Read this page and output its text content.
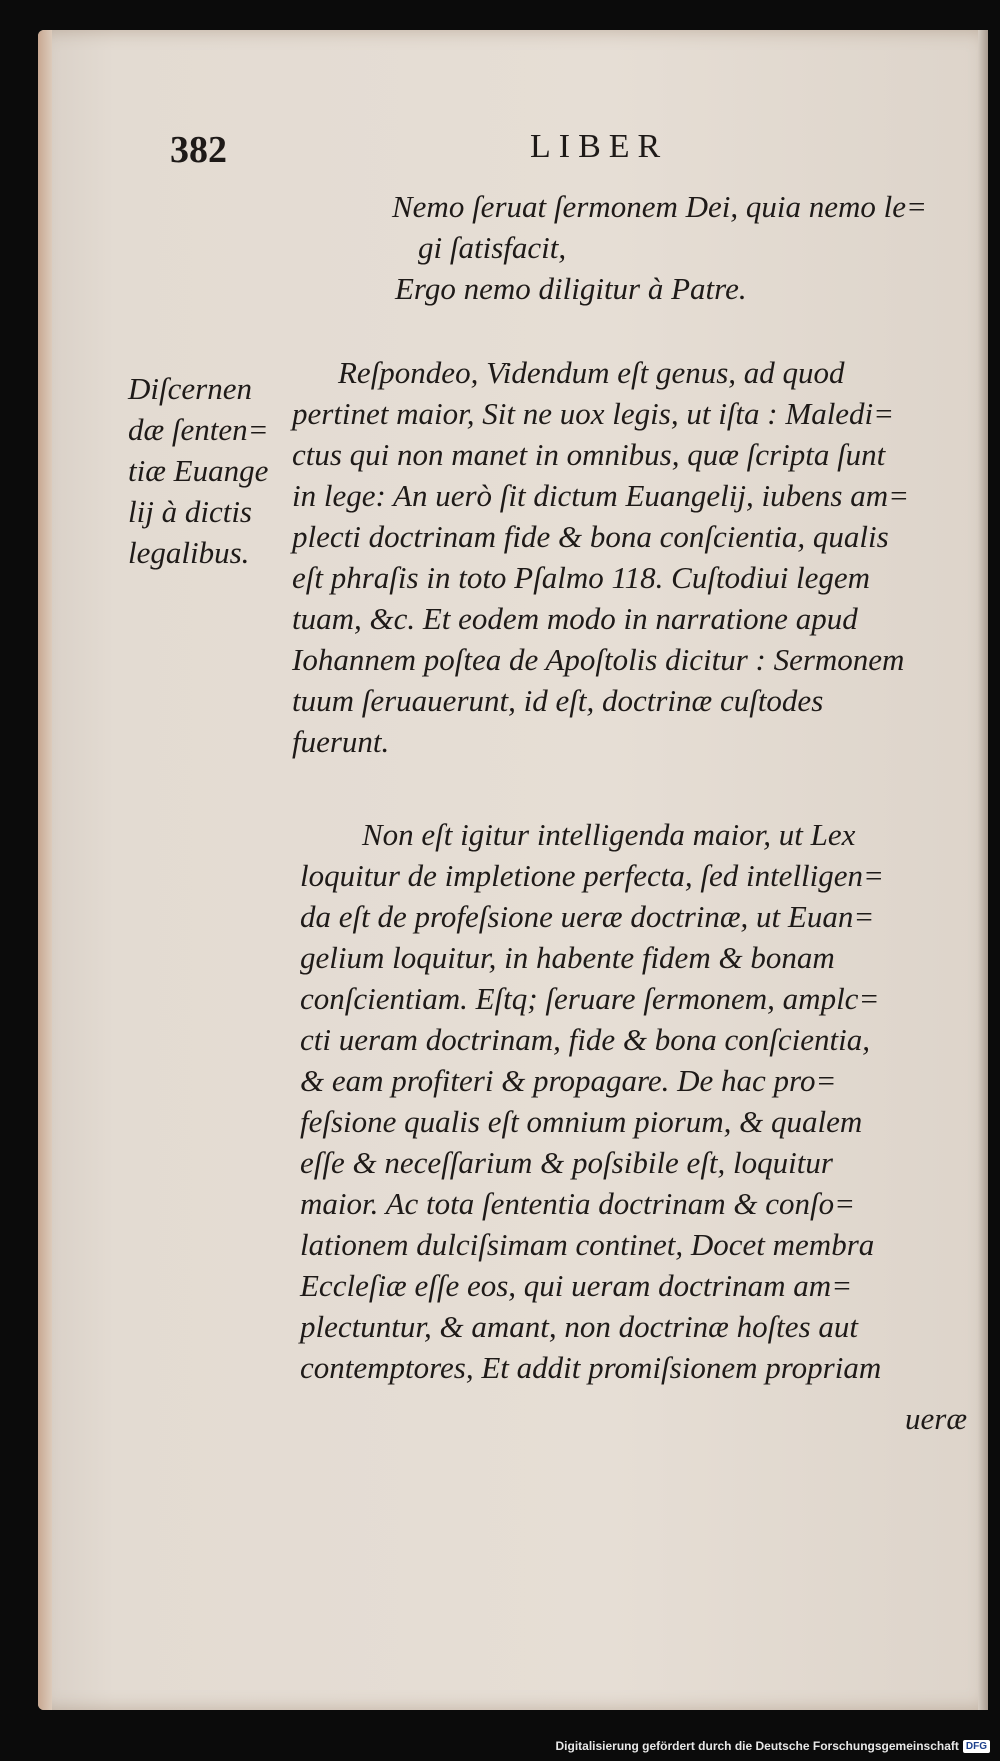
382	LIBER
Nemo ſeruat ſermonem Dei, quia nemo le=
gi ſatisfacit,
Ergo nemo diligitur à Patre.
Diſcernen
dæ ſenten=
tiæ Euange
lij à dictis
legalibus.
Reſpondeo, Videndum eſt genus, ad quod
pertinet maior, Sit ne uox legis, ut iſta : Maledi=
ctus qui non manet in omnibus, quæ ſcripta ſunt
in lege: An uerò ſit dictum Euangelij, iubens am=
plecti doctrinam fide & bona conſcientia, qualis
eſt phraſis in toto Pſalmo 118. Cuſtodiui legem
tuam, &c. Et eodem modo in narratione apud
Iohannem poſtea de Apoſtolis dicitur : Sermonem
tuum ſeruauerunt, id eſt, doctrinæ cuſtodes
fuerunt.
Non eſt igitur intelligenda maior, ut Lex
loquitur de impletione perfecta, ſed intelligen=
da eſt de profeſsione ueræ doctrinæ, ut Euan=
gelium loquitur, in habente fidem & bonam
conſcientiam. Eſtq; ſeruare ſermonem, amplc=
cti ueram doctrinam, fide & bona conſcientia,
& eam profiteri & propagare. De hac pro=
feſsione qualis eſt omnium piorum, & qualem
eſſe & neceſſarium & poſsibile eſt, loquitur
maior. Ac tota ſententia doctrinam & conſo=
lationem dulciſsimam continet, Docet membra
Eccleſiæ eſſe eos, qui ueram doctrinam am=
plectuntur, & amant, non doctrinæ hoſtes aut
contemptores, Et addit promiſsionem propriam
ueræ
Digitalisierung gefördert durch die Deutsche Forschungsgemeinschaft DFG
